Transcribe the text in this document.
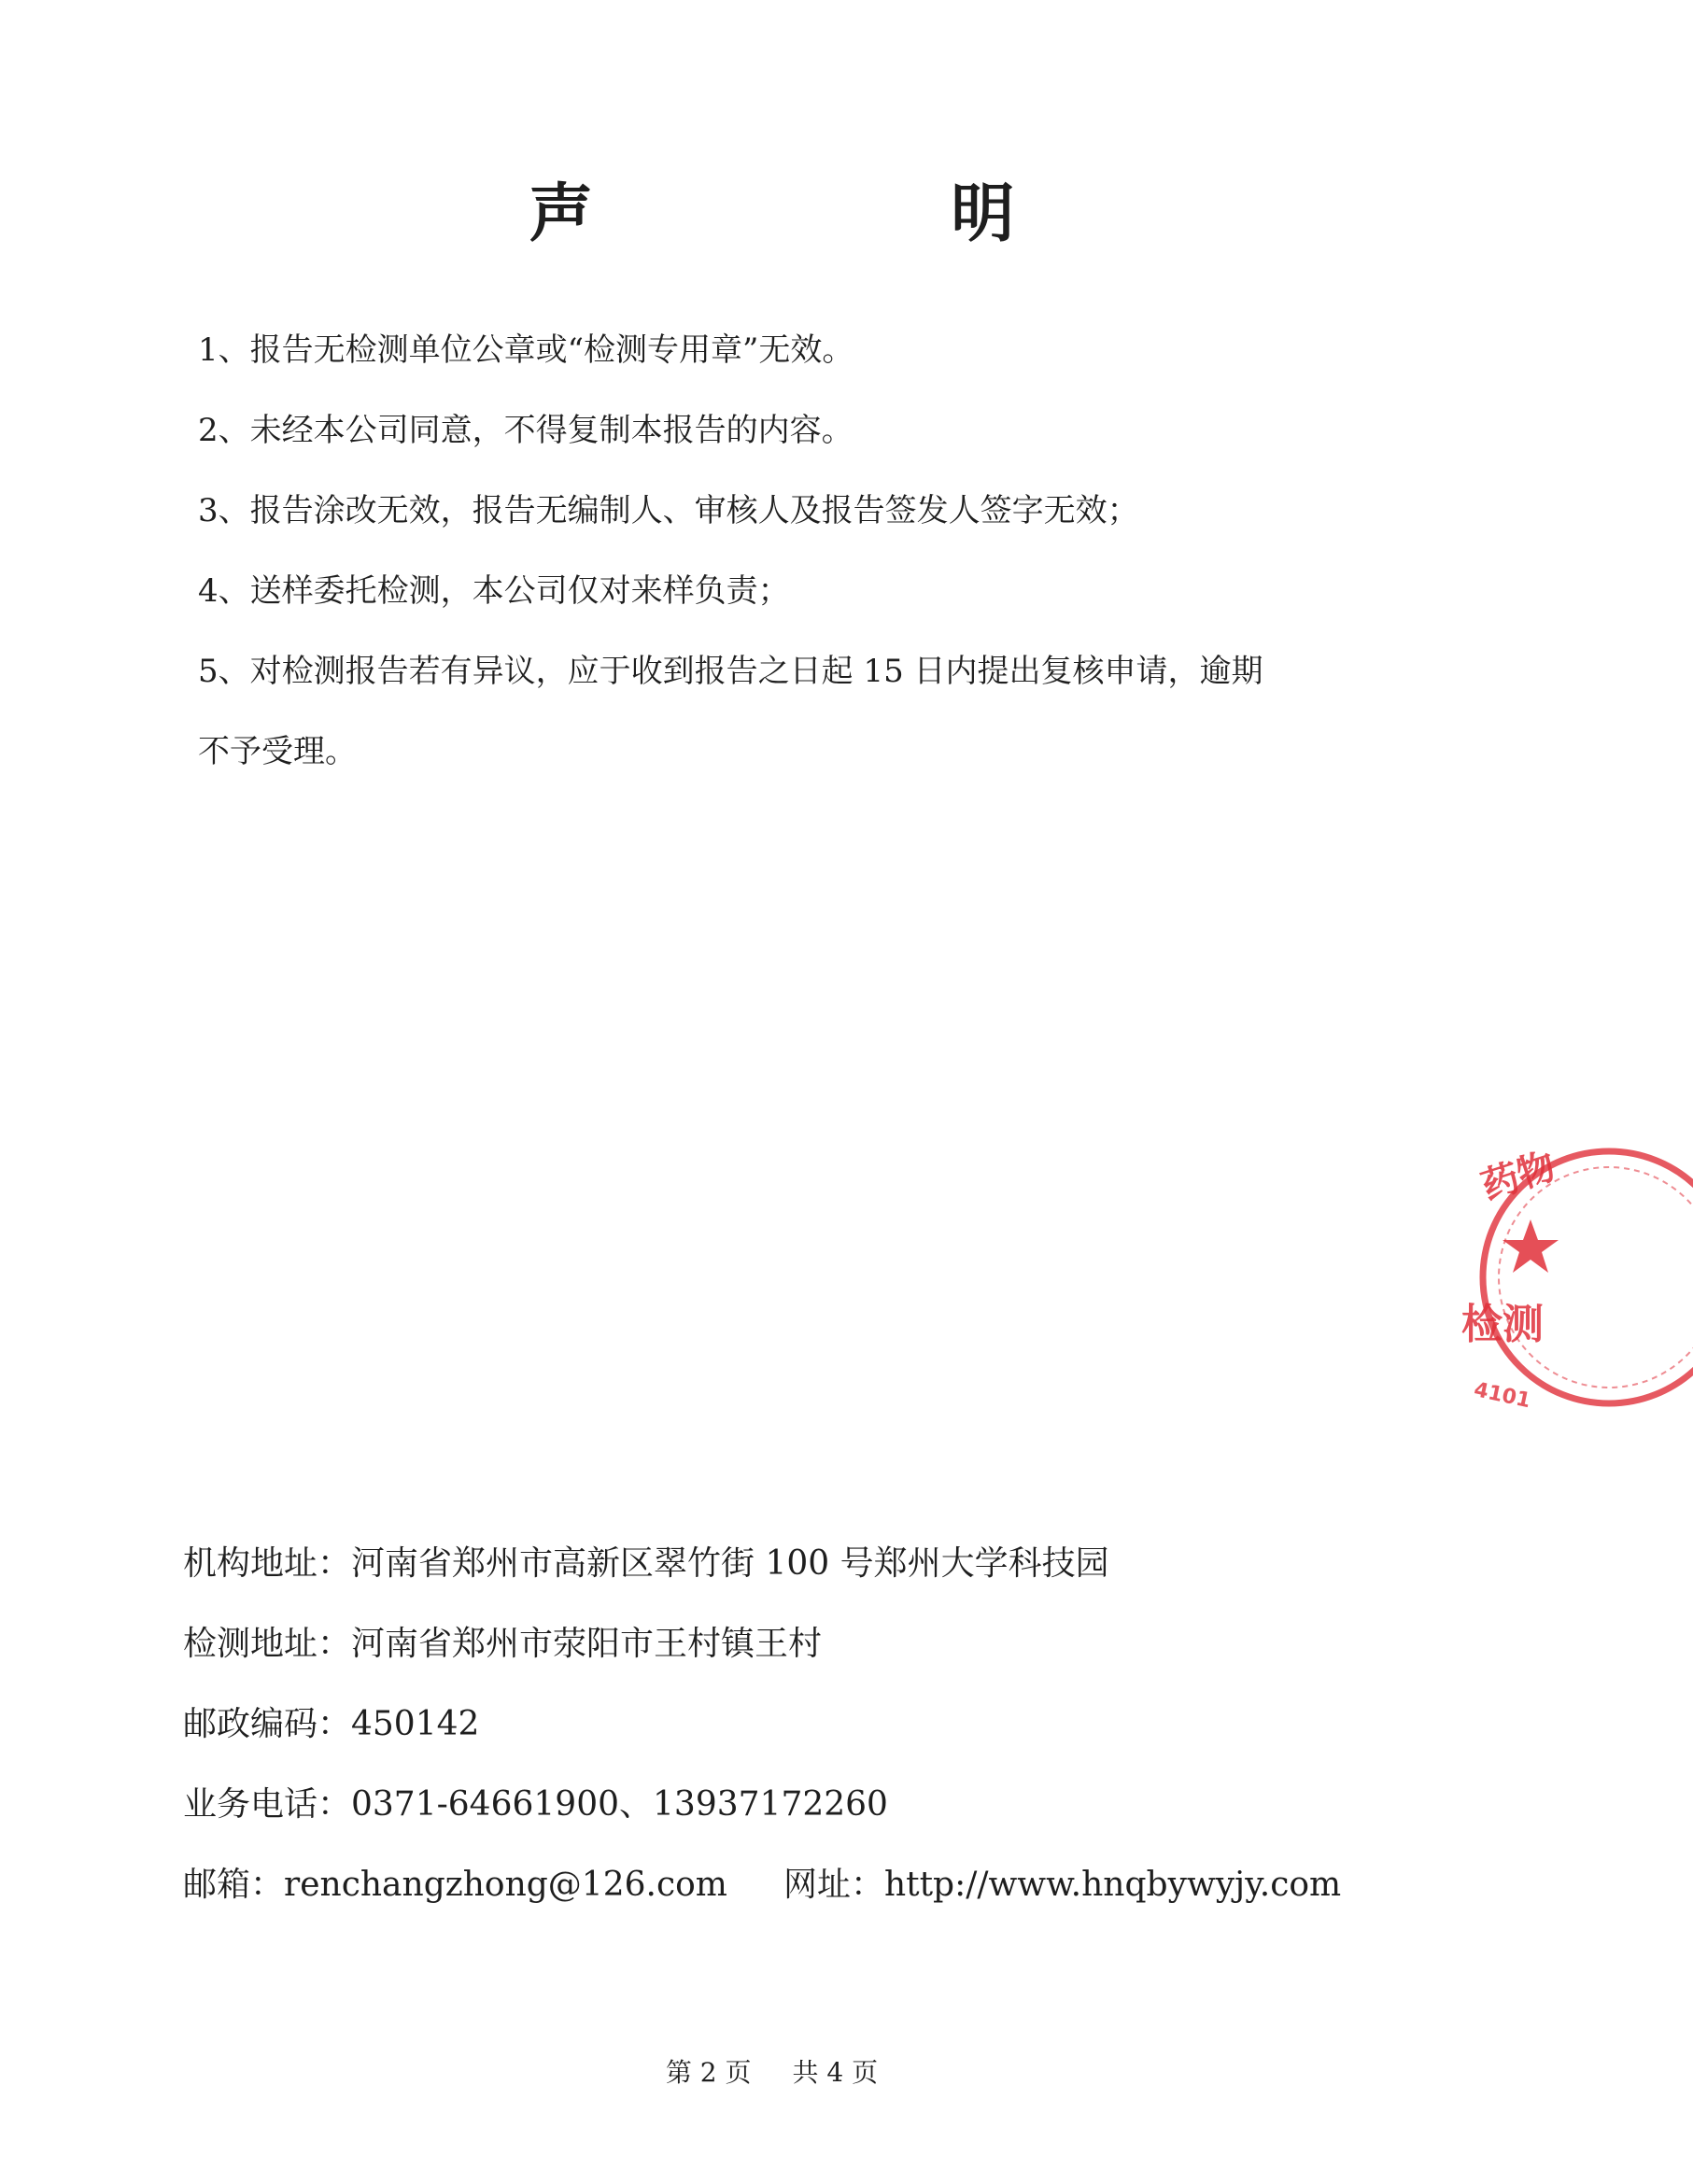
声 明

1、报告无检测单位公章或“检测专用章”无效。

2、未经本公司同意，不得复制本报告的内容。

3、报告涂改无效，报告无编制人、审核人及报告签发人签字无效；

4、送样委托检测，本公司仅对来样负责；

5、对检测报告若有异议，应于收到报告之日起 15 日内提出复核申请，逾期
不予受理。

机构地址：河南省郑州市高新区翠竹街 100 号郑州大学科技园
检测地址：河南省郑州市荥阳市王村镇王村
邮政编码：450142
业务电话：0371-64661900、13937172260
邮箱：renchangzhong@126.com 网址：http://www.hnqbywyjy.com
第 2 页 共 4 页
药物
检测
4101
